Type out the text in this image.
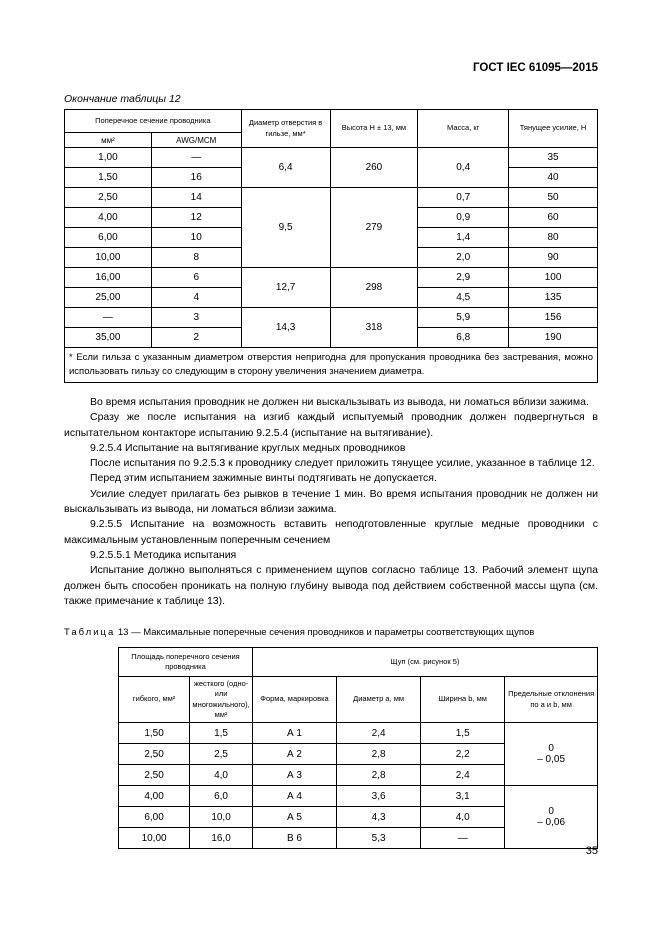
ГОСТ IEC 61095—2015
Окончание таблицы 12
Поперечное сечение проводника		Диаметр отверстия в гильзе, мм*	Высота H ± 13, мм	Масса, кг	Тянущее усилие, Н
мм²	AWG/MCM				
1,00	—	6,4	260	0,4	35
1,50	16				40
2,50	14	9,5	279	0,7	50
4,00	12			0,9	60
6,00	10			1,4	80
10,00	8			2,0	90
16,00	6	12,7	298	2,9	100
25,00	4			4,5	135
—	3	14,3	318	5,9	156
35,00	2			6,8	190
* Если гильза с указанным диаметром отверстия непригодна для пропускания проводника без застревания, можно использовать гильзу со следующим в сторону увеличения значением диаметра.					

Во время испытания проводник не должен ни выскальзывать из вывода, ни ломаться вблизи зажима.

Сразу же после испытания на изгиб каждый испытуемый проводник должен подвергнуться в испытательном контакторе испытанию 9.2.5.4 (испытание на вытягивание).

9.2.5.4 Испытание на вытягивание круглых медных проводников

После испытания по 9.2.5.3 к проводнику следует приложить тянущее усилие, указанное в таблице 12.

Перед этим испытанием зажимные винты подтягивать не допускается.

Усилие следует прилагать без рывков в течение 1 мин. Во время испытания проводник не должен ни выскальзывать из вывода, ни ломаться вблизи зажима.

9.2.5.5 Испытание на возможность вставить неподготовленные круглые медные проводники с максимальным установленным поперечным сечением

9.2.5.5.1 Методика испытания

Испытание должно выполняться с применением щупов согласно таблице 13. Рабочий элемент щупа должен быть способен проникать на полную глубину вывода под действием собственной массы щупа (см. также примечание к таблице 13).

Таблица 13 — Максимальные поперечные сечения проводников и параметры соответствующих щупов
Площадь поперечного сечения проводника		Щуп (см. рисунок 5)			
гибкого, мм²	жесткого (одно- или многожильного), мм²	Форма, маркировка	Диаметр a, мм	Ширина b, мм	Предельные отклонения по a и b, мм
1,50	1,5	А 1	2,4	1,5	0
– 0,05

2,50	2,5	А 2	2,8	2,2	
2,50	4,0	А 3	2,8	2,4	
4,00	6,0	А 4	3,6	3,1	0
– 0,06

6,00	10,0	А 5	4,3	4,0	
10,00	16,0	В 6	5,3	—	
35
